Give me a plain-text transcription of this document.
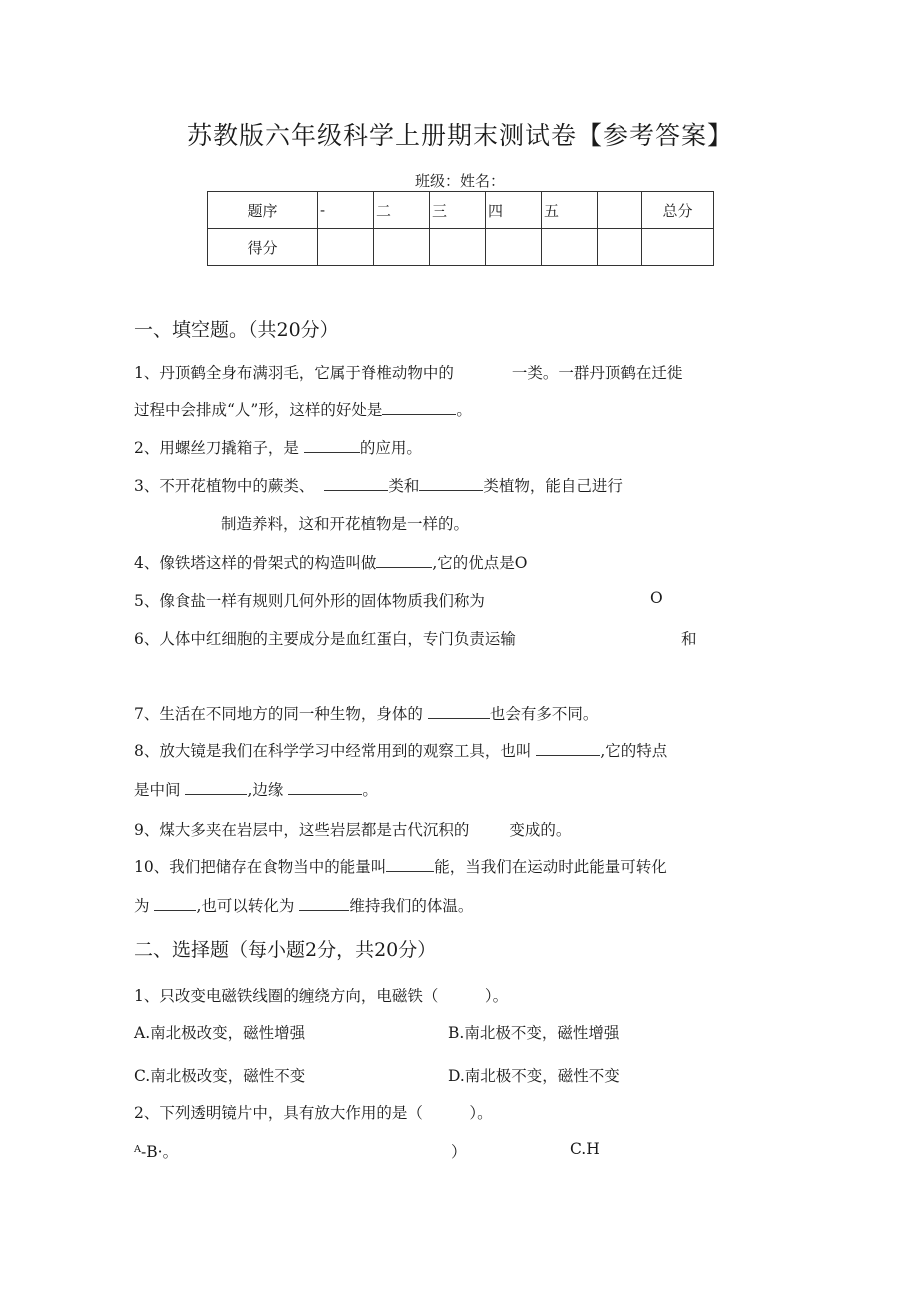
苏教版六年级科学上册期末测试卷【参考答案】
班级：姓名：
题序	-	二	三	四	五		总分
得分							
一、填空题。（共20分）
1、丹顶鹤全身布满羽毛，它属于脊椎动物中的	一类。一群丹顶鹤在迁徙
过程中会排成“人”形，这样的好处是	。
2、用螺丝刀撬箱子，是	的应用。
3、不开花植物中的蕨类、	类和	类植物，能自己进行
制造养料，这和开花植物是一样的。
4、像铁塔这样的骨架式的构造叫做	,它的优点是O
5、像食盐一样有规则几何外形的固体物质我们称为	O
6、人体中红细胞的主要成分是血红蛋白，专门负责运输	和
7、生活在不同地方的同一种生物，身体的	也会有多不同。
8、放大镜是我们在科学学习中经常用到的观察工具，也叫	,它的特点
是中间	,边缘	。
9、煤大多夹在岩层中，这些岩层都是古代沉积的	变成的。
10、我们把储存在食物当中的能量叫	能，当我们在运动时此能量可转化
为	,也可以转化为	维持我们的体温。
二、选择题（每小题2分，共20分）
1、只改变电磁铁线圈的缠绕方向，电磁铁（　　　）。
A.南北极改变，磁性增强	B.南北极不变，磁性增强
C.南北极改变，磁性不变	D.南北极不变，磁性不变
2、下列透明镜片中，具有放大作用的是（　　　）。
ᴬ-B·。	）	C.H
